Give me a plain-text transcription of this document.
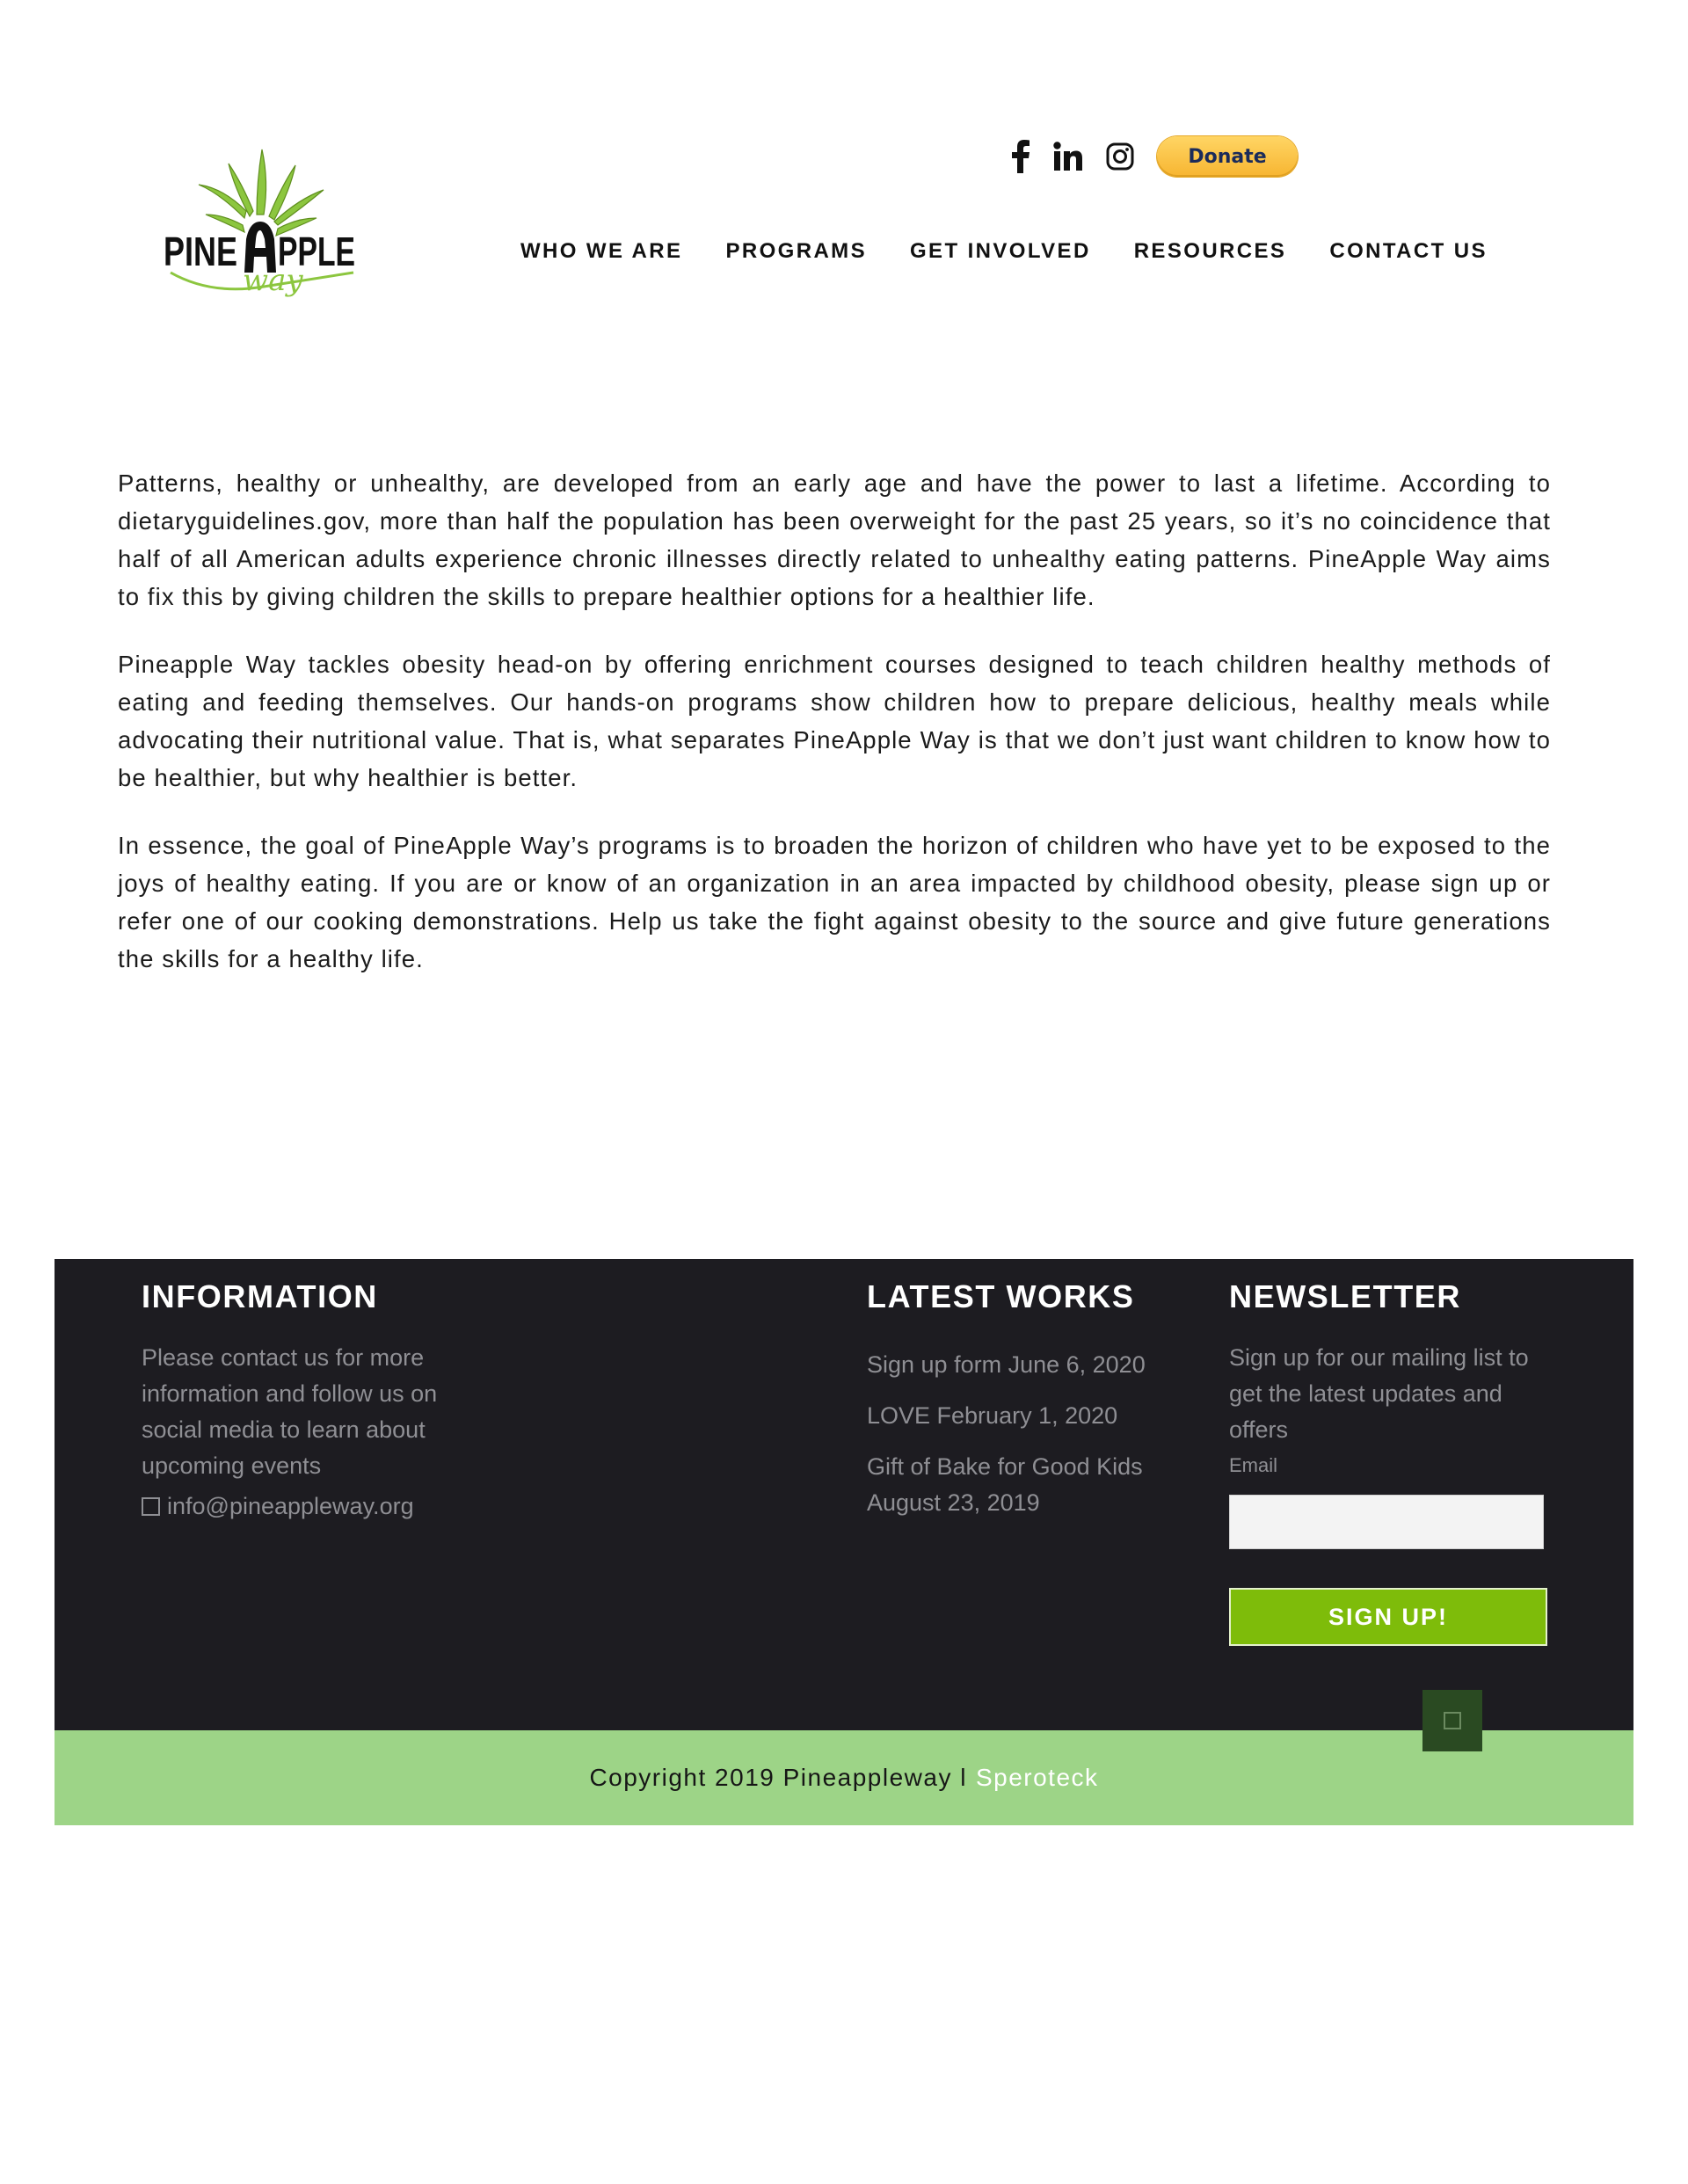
PINE PPLE
way
Donate
WHO WE ARE PROGRAMS GET INVOLVED RESOURCES CONTACT US

Patterns, healthy or unhealthy, are developed from an early age and have the power to last a lifetime. According to dietaryguidelines.gov, more than half the population has been overweight for the past 25 years, so it’s no coincidence that half of all American adults experience chronic illnesses directly related to unhealthy eating patterns. PineApple Way aims to fix this by giving children the skills to prepare healthier options for a healthier life.

Pineapple Way tackles obesity head-on by offering enrichment courses designed to teach children healthy methods of eating and feeding themselves. Our hands-on programs show children how to prepare delicious, healthy meals while advocating their nutritional value. That is, what separates PineApple Way is that we don’t just want children to know how to be healthier, but why healthier is better.

In essence, the goal of PineApple Way’s programs is to broaden the horizon of children who have yet to be exposed to the joys of healthy eating. If you are or know of an organization in an area impacted by childhood obesity, please sign up or refer one of our cooking demonstrations. Help us take the fight against obesity to the source and give future generations the skills for a healthy life.

INFORMATION
Please contact us for more information and follow us on social media to learn about upcoming events
info@pineappleway.org
LATEST WORKS
Sign up form June 6, 2020
LOVE February 1, 2020
Gift of Bake for Good Kids August 23, 2019
NEWSLETTER
Sign up for our mailing list to get the latest updates and offers
Email
SIGN UP!
Copyright 2019 Pineappleway l Speroteck
